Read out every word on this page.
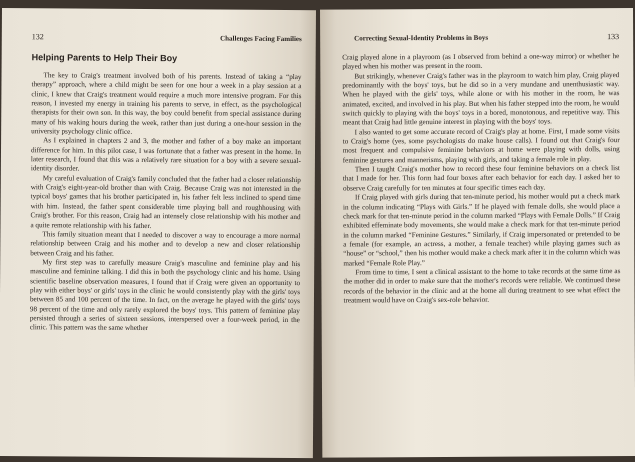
132	Challenges Facing Families
Helping Parents to Help Their Boy

The key to Craig's treatment involved both of his parents. Instead of taking a “play therapy” approach, where a child might be seen for one hour a week in a play session at a clinic, I knew that Craig's treatment would require a much more intensive program. For this reason, I invested my energy in training his parents to serve, in effect, as the psychological therapists for their own son. In this way, the boy could benefit from special assistance during many of his waking hours during the week, rather than just during a one-hour session in the university psychology clinic office.

As I explained in chapters 2 and 3, the mother and father of a boy make an important difference for him. In this pilot case, I was fortunate that a father was present in the home. In later research, I found that this was a relatively rare situation for a boy with a severe sexual-identity disorder.

My careful evaluation of Craig's family concluded that the father had a closer relationship with Craig's eight-year-old brother than with Craig. Because Craig was not interested in the typical boys' games that his brother participated in, his father felt less inclined to spend time with him. Instead, the father spent considerable time playing ball and roughhousing with Craig's brother. For this reason, Craig had an intensely close relationship with his mother and a quite remote relationship with his father.

This family situation meant that I needed to discover a way to encourage a more normal relationship between Craig and his mother and to develop a new and closer relationship between Craig and his father.

My first step was to carefully measure Craig's masculine and feminine play and his masculine and feminine talking. I did this in both the psychology clinic and his home. Using scientific baseline observation measures, I found that if Craig were given an opportunity to play with either boys' or girls' toys in the clinic he would consistently play with the girls' toys between 85 and 100 percent of the time. In fact, on the average he played with the girls' toys 98 percent of the time and only rarely explored the boys' toys. This pattern of feminine play persisted through a series of sixteen sessions, interspersed over a four-week period, in the clinic. This pattern was the same whether

Correcting Sexual-Identity Problems in Boys	133

Craig played alone in a playroom (as I observed from behind a one-way mirror) or whether he played when his mother was present in the room.

But strikingly, whenever Craig's father was in the playroom to watch him play, Craig played predominantly with the boys' toys, but he did so in a very mundane and unenthusiastic way. When he played with the girls' toys, while alone or with his mother in the room, he was animated, excited, and involved in his play. But when his father stepped into the room, he would switch quickly to playing with the boys' toys in a bored, monotonous, and repetitive way. This meant that Craig had little genuine interest in playing with the boys' toys.

I also wanted to get some accurate record of Craig's play at home. First, I made some visits to Craig's home (yes, some psychologists do make house calls). I found out that Craig's four most frequent and compulsive feminine behaviors at home were playing with dolls, using feminine gestures and mannerisms, playing with girls, and taking a female role in play.

Then I taught Craig's mother how to record these four feminine behaviors on a check list that I made for her. This form had four boxes after each behavior for each day. I asked her to observe Craig carefully for ten minutes at four specific times each day.

If Craig played with girls during that ten-minute period, his mother would put a check mark in the column indicating “Plays with Girls.” If he played with female dolls, she would place a check mark for that ten-minute period in the column marked “Plays with Female Dolls.” If Craig exhibited effeminate body movements, she would make a check mark for that ten-minute period in the column marked “Feminine Gestures.” Similarly, if Craig impersonated or pretended to be a female (for example, an actress, a mother, a female teacher) while playing games such as “house” or “school,” then his mother would make a check mark after it in the column which was marked “Female Role Play.”

From time to time, I sent a clinical assistant to the home to take records at the same time as the mother did in order to make sure that the mother's records were reliable. We continued these records of the behavior in the clinic and at the home all during treatment to see what effect the treatment would have on Craig's sex-role behavior.
